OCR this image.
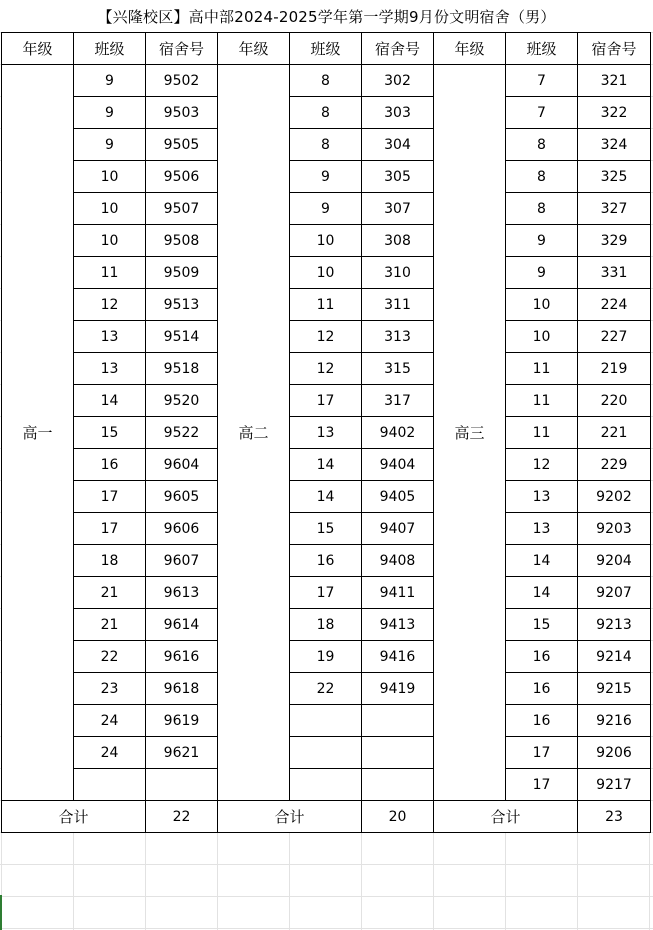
【兴隆校区】高中部2024-2025学年第一学期9月份文明宿舍（男）
年级	班级	宿舍号	年级	班级	宿舍号	年级	班级	宿舍号
高一	9	9502	高二	8	302	高三	7	321
	9	9503		8	303		7	322
	9	9505		8	304		8	324
	10	9506		9	305		8	325
	10	9507		9	307		8	327
	10	9508		10	308		9	329
	11	9509		10	310		9	331
	12	9513		11	311		10	224
	13	9514		12	313		10	227
	13	9518		12	315		11	219
	14	9520		17	317		11	220
	15	9522		13	9402		11	221
	16	9604		14	9404		12	229
	17	9605		14	9405		13	9202
	17	9606		15	9407		13	9203
	18	9607		16	9408		14	9204
	21	9613		17	9411		14	9207
	21	9614		18	9413		15	9213
	22	9616		19	9416		16	9214
	23	9618		22	9419		16	9215
	24	9619					16	9216
	24	9621					17	9206
							17	9217
合计		22	合计		20	合计		23
